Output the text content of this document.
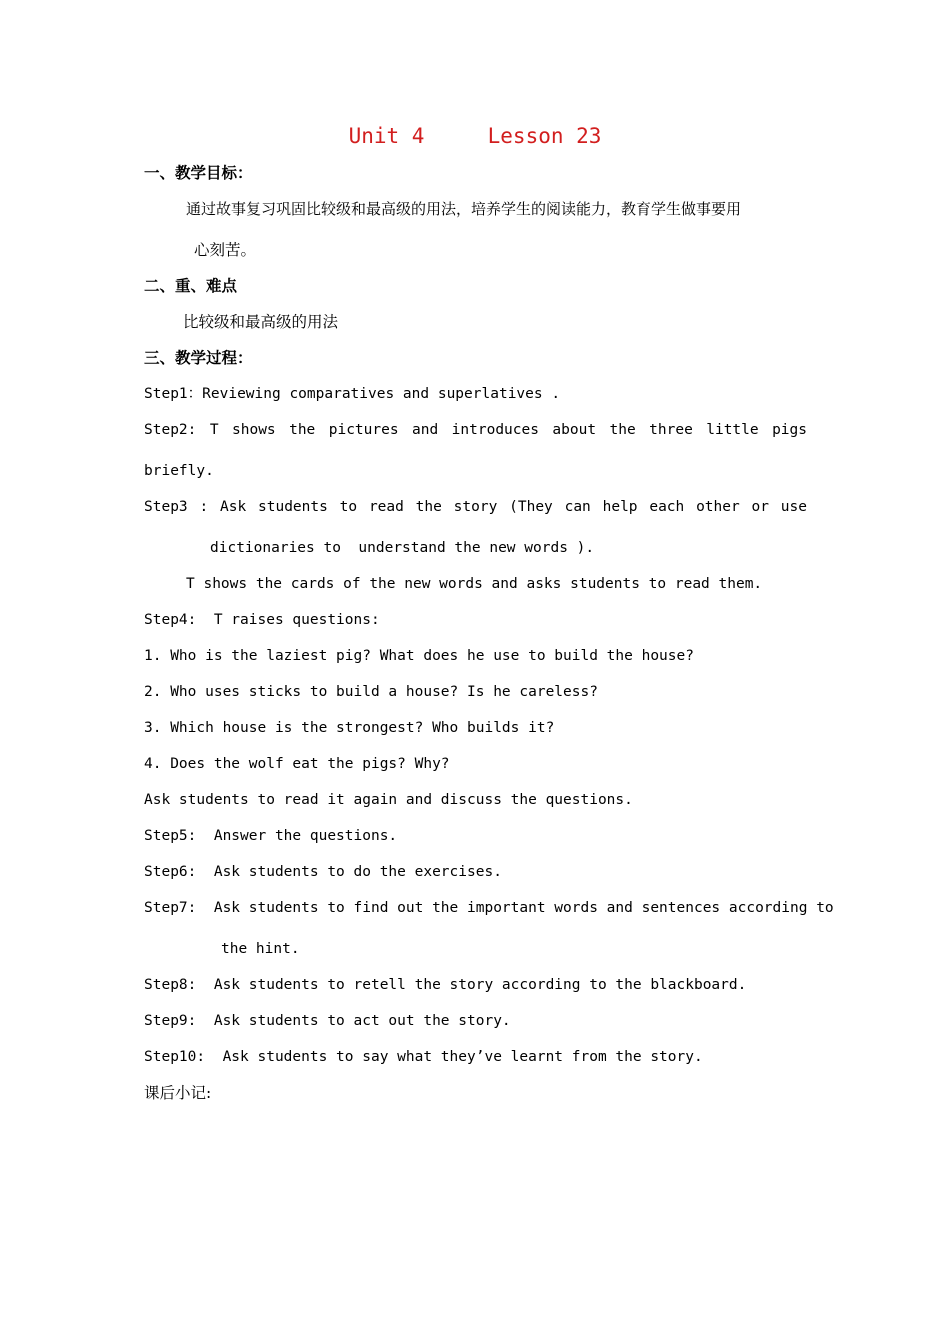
Unit 4	Lesson 23
一、教学目标：
通过故事复习巩固比较级和最高级的用法，培养学生的阅读能力，教育学生做事要用
心刻苦。
二、重、难点
比较级和最高级的用法
三、教学过程：
Step1：Reviewing comparatives and superlatives .
Step2: T shows the pictures and introduces about the three little pigs
briefly.
Step3 : Ask students to read the story (They can help each other or use
dictionaries to  understand the new words ).
T shows the cards of the new words and asks students to read them.
Step4:  T raises questions:
1. Who is the laziest pig? What does he use to build the house?
2. Who uses sticks to build a house? Is he careless?
3. Which house is the strongest? Who builds it?
4. Does the wolf eat the pigs? Why?
Ask students to read it again and discuss the questions.
Step5:  Answer the questions.
Step6:  Ask students to do the exercises.
Step7:  Ask students to find out the important words and sentences according to
the hint.
Step8:  Ask students to retell the story according to the blackboard.
Step9:  Ask students to act out the story.
Step10:  Ask students to say what they’ve learnt from the story.
课后小记:
